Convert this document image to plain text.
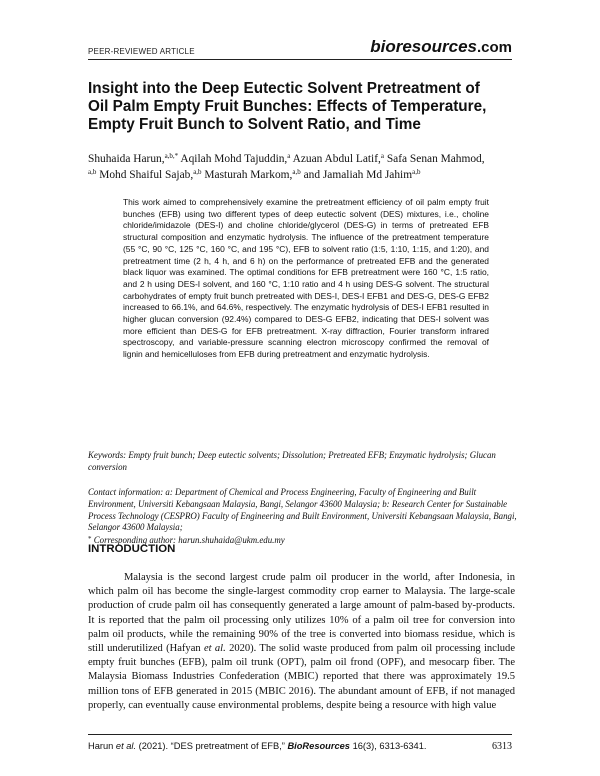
PEER-REVIEWED ARTICLE	bioresources.com
Insight into the Deep Eutectic Solvent Pretreatment of
Oil Palm Empty Fruit Bunches: Effects of Temperature,
Empty Fruit Bunch to Solvent Ratio, and Time
Shuhaida Harun,$^{a,b,*}$ Aqilah Mohd Tajuddin,$^a$ Azuan Abdul Latif,$^a$ Safa Senan Mahmod,
$^{a,b}$ Mohd Shaiful Sajab,$^{a,b}$ Masturah Markom,$^{a,b}$ and Jamaliah Md Jahim$^{a,b}$

This work aimed to comprehensively examine the pretreatment efficiency of oil palm empty fruit bunches (EFB) using two different types of deep eutectic solvent (DES) mixtures, i.e., choline chloride/imidazole (DES-I) and choline chloride/glycerol (DES-G) in terms of pretreated EFB structural composition and enzymatic hydrolysis. The influence of the pretreatment temperature (55 °C, 90 °C, 125 °C, 160 °C, and 195 °C), EFB to solvent ratio (1:5, 1:10, 1:15, and 1:20), and pretreatment time (2 h, 4 h, and 6 h) on the performance of pretreated EFB and the generated black liquor was examined. The optimal conditions for EFB pretreatment were 160 °C, 1:5 ratio, and 2 h using DES-I solvent, and 160 °C, 1:10 ratio and 4 h using DES-G solvent. The structural carbohydrates of empty fruit bunch pretreated with DES-I, DES-I EFB1 and DES-G, DES-G EFB2 increased to 66.1%, and 64.6%, respectively. The enzymatic hydrolysis of DES-I EFB1 resulted in higher glucan conversion (92.4%) compared to DES-G EFB2, indicating that DES-I solvent was more efficient than DES-G for EFB pretreatment. X-ray diffraction, Fourier transform infrared spectroscopy, and variable-pressure scanning electron microscopy confirmed the removal of lignin and hemicelluloses from EFB during pretreatment and enzymatic hydrolysis.

Keywords: Empty fruit bunch; Deep eutectic solvents; Dissolution; Pretreated EFB; Enzymatic hydrolysis; Glucan conversion

Contact information: a: Department of Chemical and Process Engineering, Faculty of Engineering and Built Environment, Universiti Kebangsaan Malaysia, Bangi, Selangor 43600 Malaysia; b: Research Center for Sustainable Process Technology (CESPRO) Faculty of Engineering and Built Environment, Universiti Kebangsaan Malaysia, Bangi, Selangor 43600 Malaysia;
* Corresponding author: harun.shuhaida@ukm.edu.my

INTRODUCTION

Malaysia is the second largest crude palm oil producer in the world, after Indonesia, in which palm oil has become the single-largest commodity crop earner to Malaysia. The large-scale production of crude palm oil has consequently generated a large amount of palm-based by-products. It is reported that the palm oil processing only utilizes 10% of a palm oil tree for conversion into palm oil products, while the remaining 90% of the tree is converted into biomass residue, which is still underutilized (Hafyan et al. 2020). The solid waste produced from palm oil processing include empty fruit bunches (EFB), palm oil trunk (OPT), palm oil frond (OPF), and mesocarp fiber. The Malaysia Biomass Industries Confederation (MBIC) reported that there was approximately 19.5 million tons of EFB generated in 2015 (MBIC 2016). The abundant amount of EFB, if not managed properly, can eventually cause environmental problems, despite being a resource with high value

Harun et al. (2021). “DES pretreatment of EFB,” BioResources 16(3), 6313-6341.	6313
